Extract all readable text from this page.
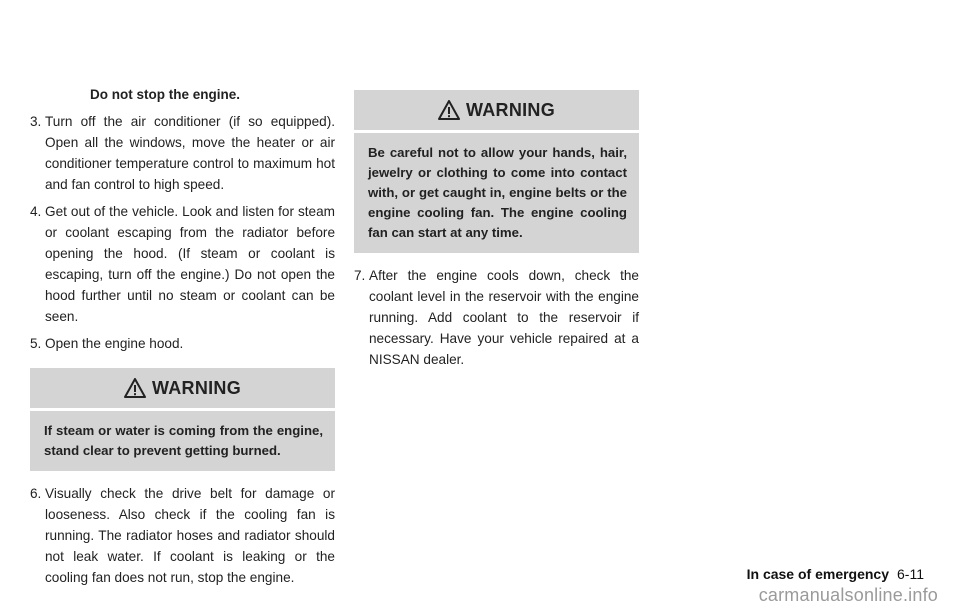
Do not stop the engine.

3. Turn off the air conditioner (if so equipped). Open all the windows, move the heater or air conditioner temperature control to maximum hot and fan control to high speed.

4. Get out of the vehicle. Look and listen for steam or coolant escaping from the radiator before opening the hood. (If steam or coolant is escaping, turn off the engine.) Do not open the hood further until no steam or coolant can be seen.

5. Open the engine hood.

WARNING
If steam or water is coming from the engine, stand clear to prevent getting burned.

6. Visually check the drive belt for damage or looseness. Also check if the cooling fan is running. The radiator hoses and radiator should not leak water. If coolant is leaking or the cooling fan does not run, stop the engine.

WARNING
Be careful not to allow your hands, hair, jewelry or clothing to come into contact with, or get caught in, engine belts or the engine cooling fan. The engine cooling fan can start at any time.

7. After the engine cools down, check the coolant level in the reservoir with the engine running. Add coolant to the reservoir if necessary. Have your vehicle repaired at a NISSAN dealer.

In case of emergency 6-11
carmanualsonline.info
